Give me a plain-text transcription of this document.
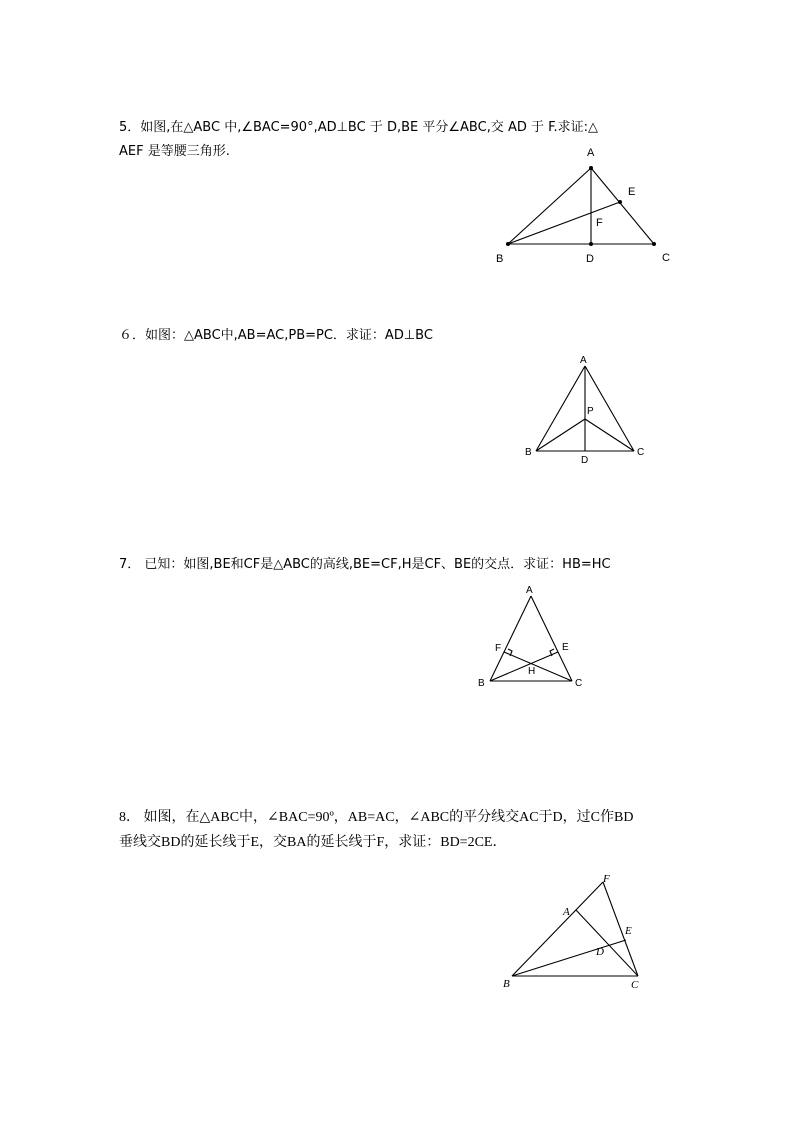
5．如图,在△ABC 中,∠BAC=90°,AD⊥BC 于 D,BE 平分∠ABC,交 AD 于 F.求证:△

AEF 是等腰三角形.	A
B	C
D
E
F

６．如图：△ABC中,AB=AC,PB=PC．求证：AD⊥BC

A
B	C
D
P

7． 已知：如图,BE和CF是△ABC的高线,BE=CF,H是CF、BE的交点．求证：HB=HC

A
B	C
E
F
H

8． 如图，在△ABC中，∠BAC=90º，AB=AC，∠ABC的平分线交AC于D，过C作BD

垂线交BD的延长线于E，交BA的延长线于F，求证：BD=2CE．

F
A
B	C
D
E
